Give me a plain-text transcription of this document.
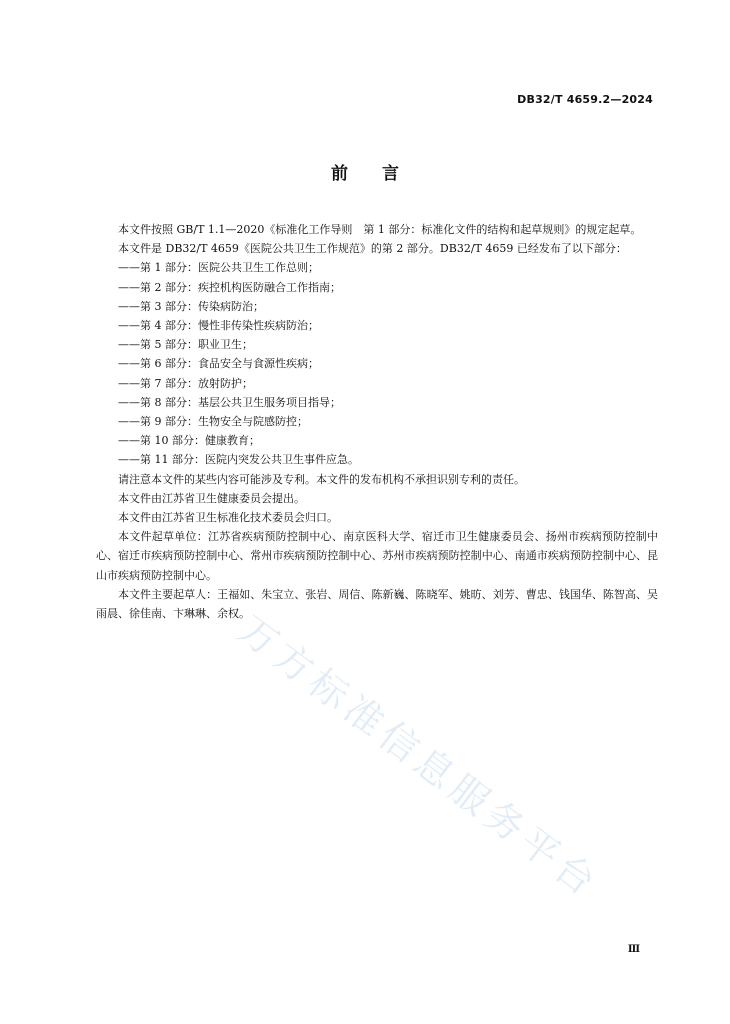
DB32/T 4659.2—2024
前 言

本文件按照 GB/T 1.1—2020《标准化工作导则　第 1 部分：标准化文件的结构和起草规则》的规定起草。

本文件是 DB32/T 4659《医院公共卫生工作规范》的第 2 部分。DB32/T 4659 已经发布了以下部分：

——第 1 部分：医院公共卫生工作总则；

——第 2 部分：疾控机构医防融合工作指南；

——第 3 部分：传染病防治；

——第 4 部分：慢性非传染性疾病防治；

——第 5 部分：职业卫生；

——第 6 部分：食品安全与食源性疾病；

——第 7 部分：放射防护；

——第 8 部分：基层公共卫生服务项目指导；

——第 9 部分：生物安全与院感防控；

——第 10 部分：健康教育；

——第 11 部分：医院内突发公共卫生事件应急。

请注意本文件的某些内容可能涉及专利。本文件的发布机构不承担识别专利的责任。

本文件由江苏省卫生健康委员会提出。

本文件由江苏省卫生标准化技术委员会归口。

本文件起草单位：江苏省疾病预防控制中心、南京医科大学、宿迁市卫生健康委员会、扬州市疾病预防控制中心、宿迁市疾病预防控制中心、常州市疾病预防控制中心、苏州市疾病预防控制中心、南通市疾病预防控制中心、昆山市疾病预防控制中心。

本文件主要起草人：王福如、朱宝立、张岩、周信、陈新巍、陈晓军、姚昉、刘芳、曹忠、钱国华、陈智高、吴雨晨、徐佳南、卞琳琳、余权。

万方标准信息服务平台
Ⅲ
